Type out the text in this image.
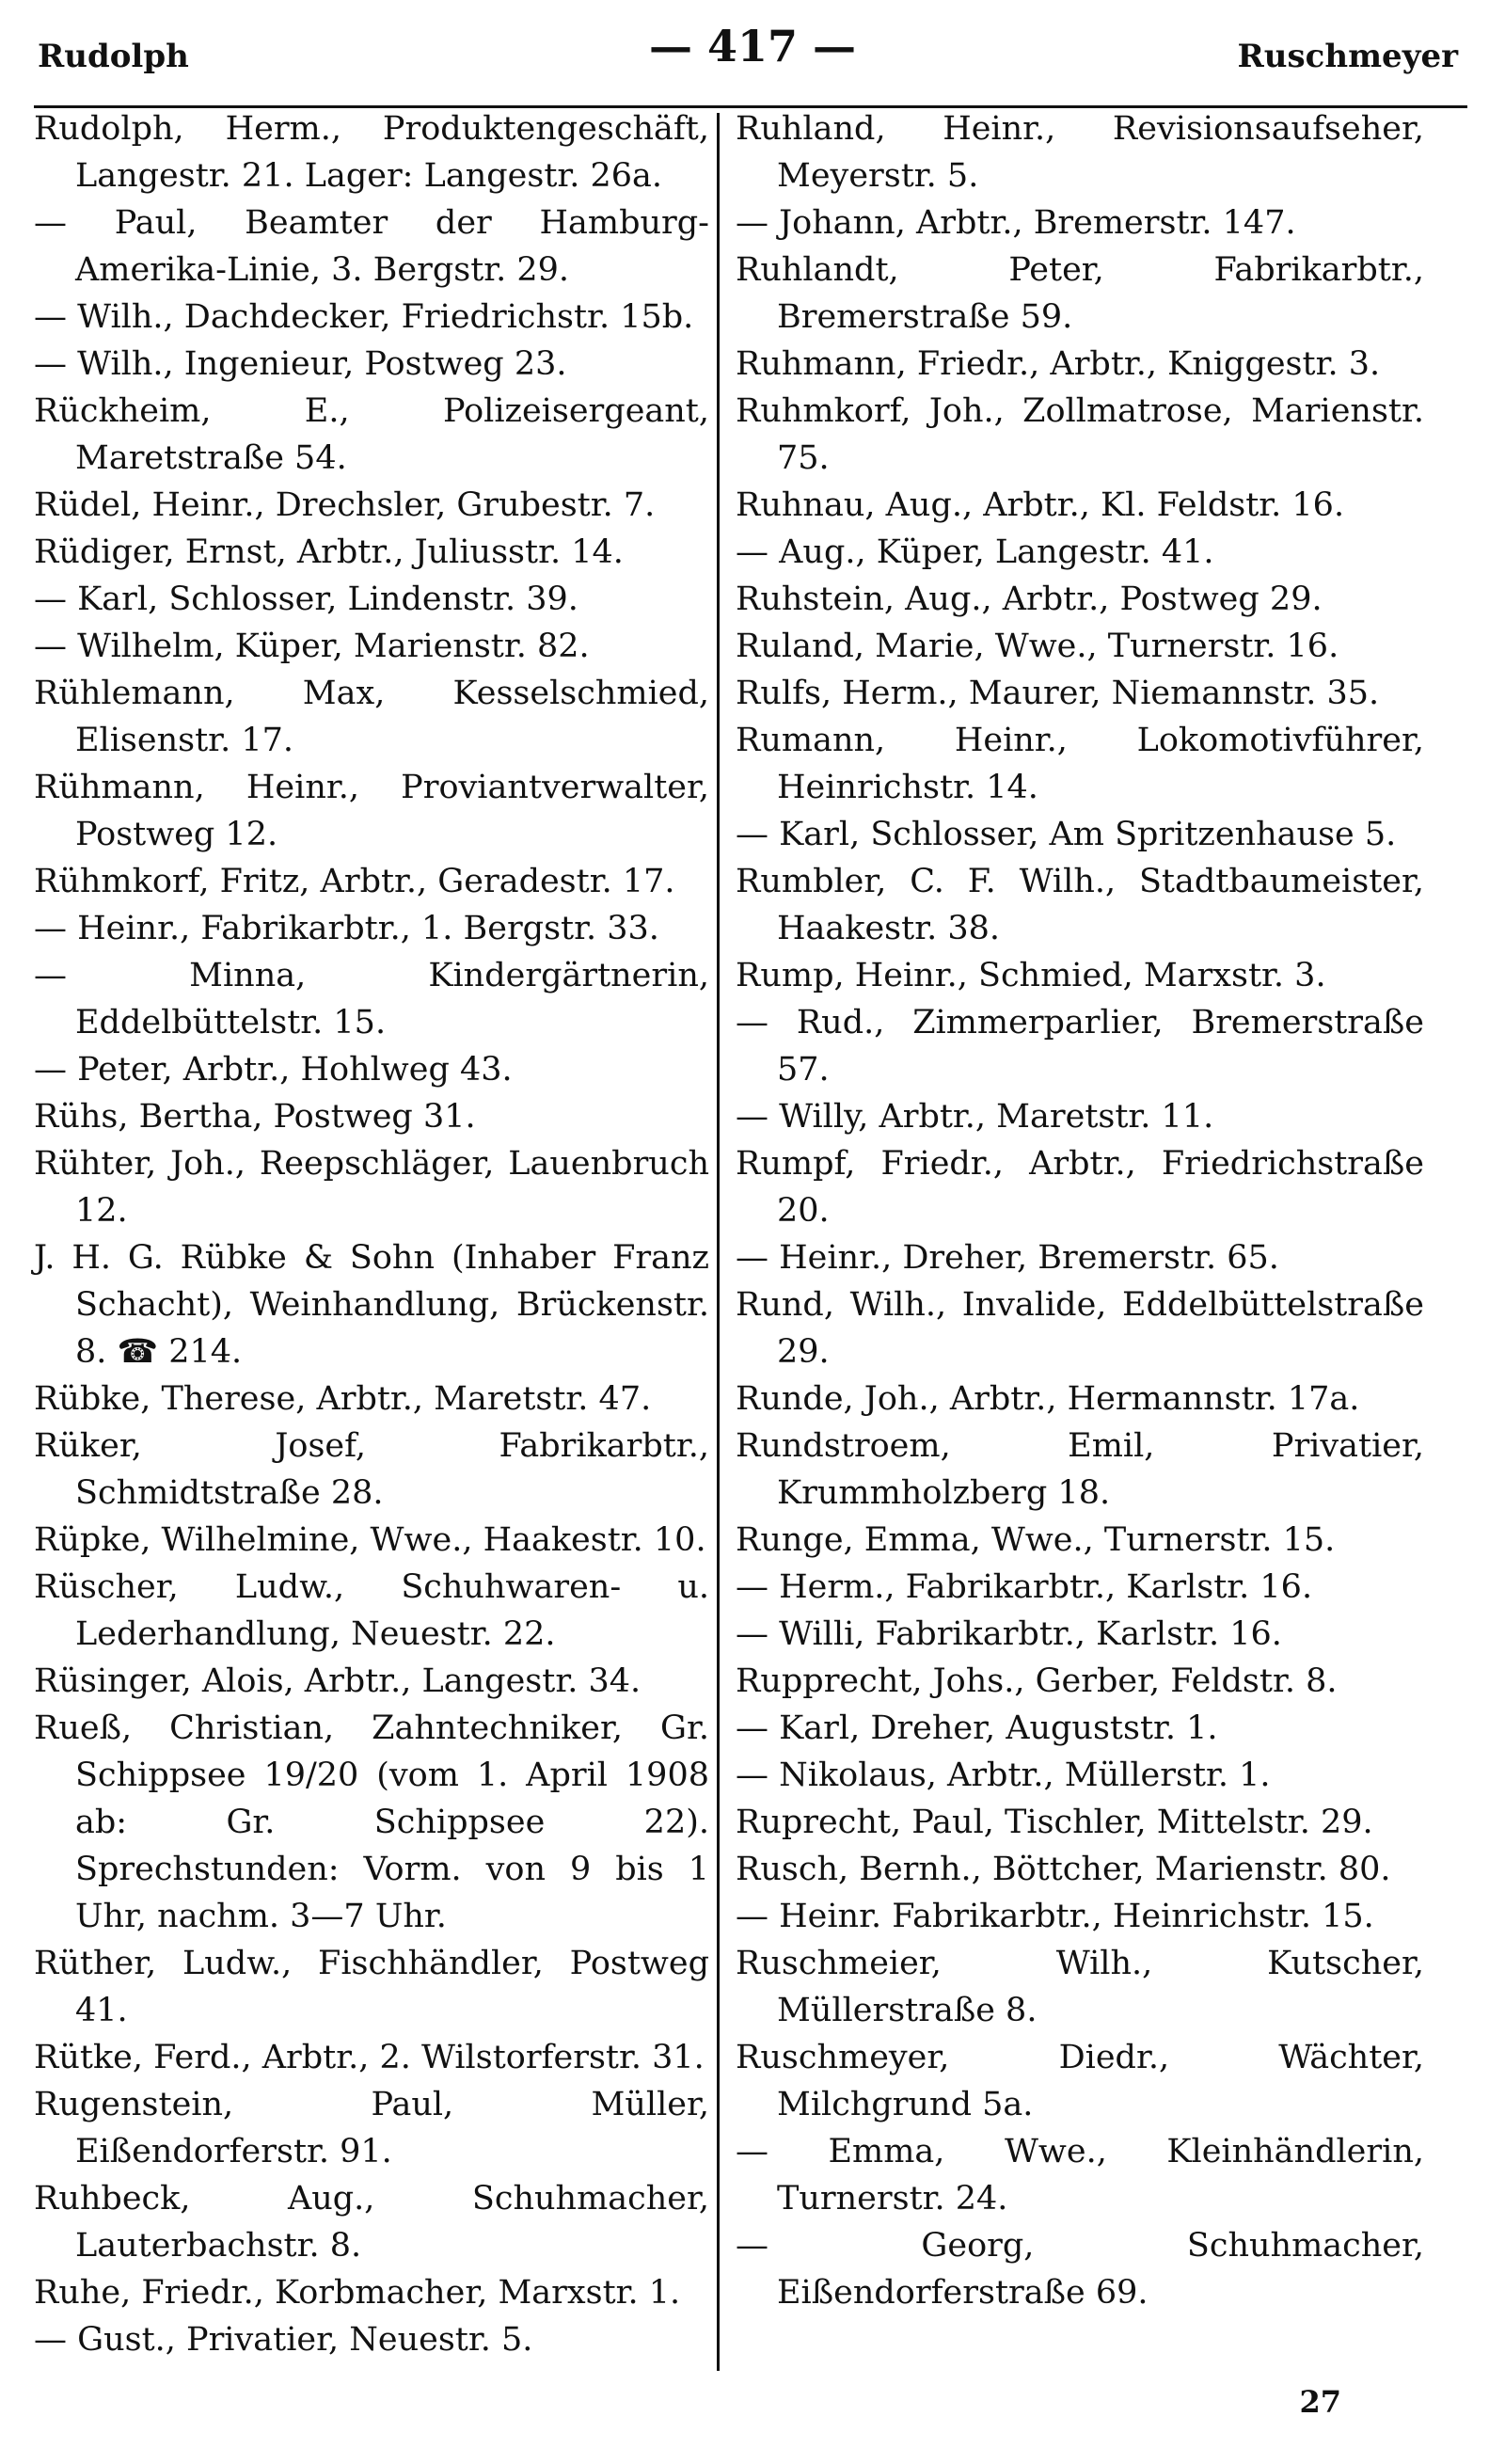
Rudolph	— 417 —	Ruschmeyer

Rudolph, Herm., Produktengeschäft, Langestr. 21. Lager: Langestr. 26a.

— Paul, Beamter der Hamburg-Amerika-Linie, 3. Bergstr. 29.

— Wilh., Dachdecker, Friedrichstr. 15b.

— Wilh., Ingenieur, Postweg 23.

Rückheim, E., Polizeisergeant, Maretstraße 54.

Rüdel, Heinr., Drechsler, Grubestr. 7.

Rüdiger, Ernst, Arbtr., Juliusstr. 14.

— Karl, Schlosser, Lindenstr. 39.

— Wilhelm, Küper, Marienstr. 82.

Rühlemann, Max, Kesselschmied, Elisenstr. 17.

Rühmann, Heinr., Proviantverwalter, Postweg 12.

Rühmkorf, Fritz, Arbtr., Geradestr. 17.

— Heinr., Fabrikarbtr., 1. Bergstr. 33.

— Minna, Kindergärtnerin, Eddelbüttelstr. 15.

— Peter, Arbtr., Hohlweg 43.

Rühs, Bertha, Postweg 31.

Rühter, Joh., Reepschläger, Lauenbruch 12.

J. H. G. Rübke & Sohn (Inhaber Franz Schacht), Weinhandlung, Brückenstr. 8. ☎ 214.

Rübke, Therese, Arbtr., Maretstr. 47.

Rüker, Josef, Fabrikarbtr., Schmidtstraße 28.

Rüpke, Wilhelmine, Wwe., Haakestr. 10.

Rüscher, Ludw., Schuhwaren- u. Lederhandlung, Neuestr. 22.

Rüsinger, Alois, Arbtr., Langestr. 34.

Rueß, Christian, Zahntechniker, Gr. Schippsee 19/20 (vom 1. April 1908 ab: Gr. Schippsee 22). Sprechstunden: Vorm. von 9 bis 1 Uhr, nachm. 3—7 Uhr.

Rüther, Ludw., Fischhändler, Postweg 41.

Rütke, Ferd., Arbtr., 2. Wilstorferstr. 31.

Rugenstein, Paul, Müller, Eißendorferstr. 91.

Ruhbeck, Aug., Schuhmacher, Lauterbachstr. 8.

Ruhe, Friedr., Korbmacher, Marxstr. 1.

— Gust., Privatier, Neuestr. 5.

Ruhland, Heinr., Revisionsaufseher, Meyerstr. 5.

— Johann, Arbtr., Bremerstr. 147.

Ruhlandt, Peter, Fabrikarbtr., Bremerstraße 59.

Ruhmann, Friedr., Arbtr., Kniggestr. 3.

Ruhmkorf, Joh., Zollmatrose, Marienstr. 75.

Ruhnau, Aug., Arbtr., Kl. Feldstr. 16.

— Aug., Küper, Langestr. 41.

Ruhstein, Aug., Arbtr., Postweg 29.

Ruland, Marie, Wwe., Turnerstr. 16.

Rulfs, Herm., Maurer, Niemannstr. 35.

Rumann, Heinr., Lokomotivführer, Heinrichstr. 14.

— Karl, Schlosser, Am Spritzenhause 5.

Rumbler, C. F. Wilh., Stadtbaumeister, Haakestr. 38.

Rump, Heinr., Schmied, Marxstr. 3.

— Rud., Zimmerparlier, Bremerstraße 57.

— Willy, Arbtr., Maretstr. 11.

Rumpf, Friedr., Arbtr., Friedrichstraße 20.

— Heinr., Dreher, Bremerstr. 65.

Rund, Wilh., Invalide, Eddelbüttelstraße 29.

Runde, Joh., Arbtr., Hermannstr. 17a.

Rundstroem, Emil, Privatier, Krummholzberg 18.

Runge, Emma, Wwe., Turnerstr. 15.

— Herm., Fabrikarbtr., Karlstr. 16.

— Willi, Fabrikarbtr., Karlstr. 16.

Rupprecht, Johs., Gerber, Feldstr. 8.

— Karl, Dreher, Auguststr. 1.

— Nikolaus, Arbtr., Müllerstr. 1.

Ruprecht, Paul, Tischler, Mittelstr. 29.

Rusch, Bernh., Böttcher, Marienstr. 80.

— Heinr. Fabrikarbtr., Heinrichstr. 15.

Ruschmeier, Wilh., Kutscher, Müllerstraße 8.

Ruschmeyer, Diedr., Wächter, Milchgrund 5a.

— Emma, Wwe., Kleinhändlerin, Turnerstr. 24.

— Georg, Schuhmacher, Eißendorferstraße 69.

27
